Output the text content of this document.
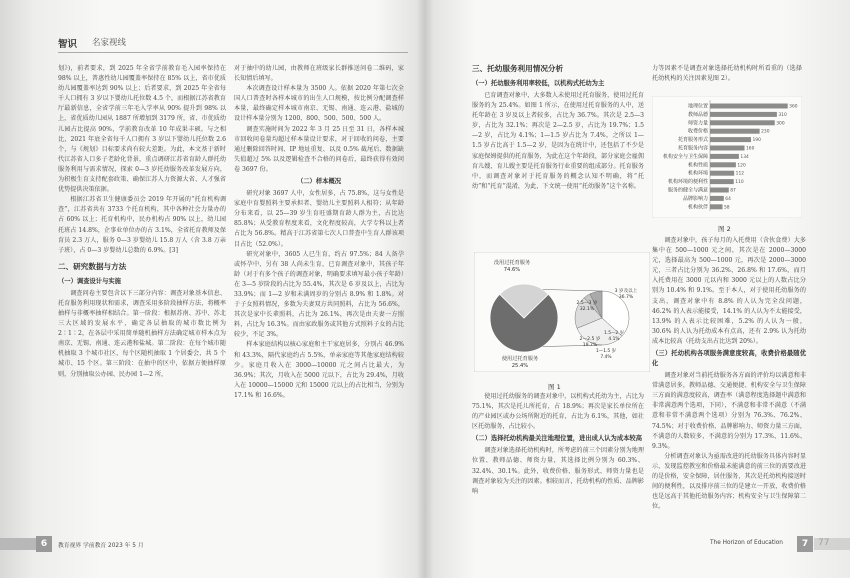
智识 名家视线

划》)，前者要求，到 2025 年全省学前教育毛入园率保持在 98% 以上，普惠性幼儿园覆盖率保持在 85% 以上，省市优质幼儿园覆盖率达到 90% 以上；后者要求，到 2025 年全省每千人口拥有 3 岁以下婴幼儿托位数 4.5 个，而根据江苏省教育厅最新信息，全省学前三年毛入学率从 90% 提升到 98% 以上，省优质幼儿园从 1887 所增加到 3179 所，省、市优质幼儿园占比提高 90%，学前教育改革 10 年成果丰硕。与之相比，2021 年底全省每千人口拥有 3 岁以下婴幼儿托位数 2.6 个，与《规划》目标要求尚有较大差距。为此，本文基于新时代江苏省人口多子老龄化背景，重点调研江苏省育龄人群托幼服务利用与需求情况，探索 0—3 岁托幼服务改革发展方向，为积极生育支持配套政策、确保江苏人力资源大省、人才强省优势提供决策依据。

根据江苏省卫生健康委员会 2019 年开展的“托育机构调查”，江苏省共有 3733 个托育机构，其中各种社会力量办的占 60% 以上；托育机构中，民办机构占 90% 以上，幼儿园托班占 14.8%，企事业单位办的占 3.1%，全省托育教师及保育员 2.3 万人，服务 0—3 岁婴幼儿 15.8 万人（含 3.8 万亲子班），占 0—3 岁婴幼儿总数的 6.9%。[3]

二、研究数据与方法
（一）调查设计与实施

调查问卷主要包含以下三部分内容：调查对象基本信息、托育服务利用现状和需求，调查采用多阶段抽样方法，将概率抽样与非概率抽样相结合。第一阶段：根据苏南、苏中、苏北三大区域的发展水平，确定各层抽取的城市数比例为 2∶1∶2，在各层中采用简单随机抽样方法确定城市样本点为南京、无锡、南通、连云港和盐城。第二阶段：在每个城市随机抽取 3 个城市社区，每个区随机抽取 1 个居委会，共 5 个城市、15 个区。第三阶段：在抽中的区中，依据方便抽样原则，分别抽取公办园、民办园 1—2 所，

对于抽中的幼儿园，由教师在班级家长群推送问卷二维码，家长知情后填写。

本次调查设计样本量为 3500 人。依据 2020 年第七次全国人口普查时各样本城市的出生人口规模，按比例分配调查样本量，最终确定样本城市南京、无锡、南通、连云港、盐城的设计样本量分别为 1200、800、500、500、500 人。

调查实施时间为 2022 年 3 月 25 日至 31 日，各样本城市回收问卷量均超过样本量设计要求，对于回收的问卷，主要通过删除回答时间、IP 地址重复、以及 0.5% 截尾后、数据缺失值超过 5% 以及逻辑检查不合格的问卷后，最终获得有效问卷 3697 份。

（二）样本概况

研究对象 3697 人中，女性居多，占 75.8%，这与女性是家庭中育婴照料主要承担者、婴幼儿主要照料人相符；从年龄分布来看，以 25—39 岁生育旺盛期育龄人群为主，占比达 85.8%；从受教育程度来看，文化程度较高，大学专科以上者占比为 56.8%。精高于江苏省第七次人口普查中生育人群该项目占比（52.0%）。

研究对象中，3605 人已生育，约占 97.5%；84 人备孕或怀孕中，另有 38 人尚未生育，已育调查对象中，其孩子年龄（对于有多个孩子的调查对象，明确要求填写最小孩子年龄）在 3—5 岁阶段的占比为 55.4%，其次是 6 岁及以上，占比为 33.9%；而 1—2 岁和未满周岁的分别占 8.9% 和 1.8%。对于子女照料情况，多数为夫妻双方共同照料，占比为 56.6%，其次是家中长辈照料，占比为 26.1%，再次是由夫妻一方照料，占比为 16.3%。而由家政服务或其他方式照料子女的占比较少，不足 3%。

样本家庭结构以核心家庭和主干家庭居多，分别占 46.9% 和 43.3%，隔代家庭约占 5.5%，单亲家庭等其他家庭结构较少。家庭月收入在 3000—10000 元之间占比最大，为 36.9%；其次，月收入在 5000 元以下，占比为 29.4%，月收入在 10000—15000 元和 15000 元以上的占比相当，分别为 17.1% 和 16.6%。

6	教育视界 学前教育 2023 年 5 月
三、托幼服务利用情况分析
（一）托幼服务利用率较低，以机构式托幼为主

已育调查对象中，大多数人未使用过托育服务，使用过托育服务的为 25.4%。如图 1 所示，在使用过托育服务的人中，送托年龄在 3 岁及以上者较多，占比为 36.7%。其次是 2.5—3 岁，占比为 32.1%；再次是 2—2.5 岁，占比为 19.7%；1.5—2 岁，占比为 4.1%；1—1.5 岁占比为 7.4%，之所以 1—1.5 岁占比高于 1.5—2 岁，是因为在统计中，还包括了不少是家庭保姆提供的托育服务，为此在这个年龄段，部分家庭会雇佣育儿嫂、育儿嫂主要是托育服务行业重要的组成部分。托育服务中，而调查对象对于托育服务的概念认知不明确，将“托幼”和“托育”混淆，为此，下文统一使用“托幼服务”这个名称。

使用过托幼服务的调查对象中，以机构式托幼为主，占比为 75.1%，其次是托儿所托育，占 18.9%；再次是家长单位所在的产业园区或办公场所附近的托育，占比为 6.1%，其他，如社区托幼服务，占比较小。

（二）选择托幼机构最关注地理位置，进出成人认为成本较高

调查对象选择托幼机构时，所考虑的前三个因素分别为地理位置、教师品德、师资力量，其选择比例分别为 60.3%、32.4%、30.1%。此外，收费价格、服务形式、师资力量也是调查对象较为关注的因素。相较而言，托幼机构的性质、品牌影响

没用过托育服务
74.6%
使用过托育服务
25.4%
3 岁及以上
36.7%
2.5—3 岁
32.1%
2—2.5 岁
19.7%
1.5—2 岁
4.1%
1—1.5 岁
7.4%
图 1

力等因素不是调查对象选择托幼机构时所看重的（选择托幼机构的关注因素见图 2）。

地理位置	360
教师品德	310
师资力量	300
收费价格	230
托育服务形式	190
托育服务内容	160
机构安全与卫生保障	134
机构性质	120
机构环境	112
机构环境的便利性	110
服务的健全与满意	87
品牌影响力	64
机构伙伴	58
图 2

调查对象中，孩子每月的入托费用（含伙食费）大多集中在 500—1000 元之间，其次是在 2000—3000 元，选择最高为 500—1000 元，再次是 2000—3000 元，三者占比分别为 36.2%、26.8% 和 17.6%，而月入托费用在 3000 元以内和 3000 元以上的人数占比分别为 10.4% 和 9.1%。至于本人，对于使用托幼服务的支出，调查对象中有 8.8% 的人认为完全没问题，46.2% 的人表示能接受，14.1% 的人认为不太能接受，13.9% 的人表示比较困难，5.2% 的人认为一般，30.6% 的人认为托幼成本有点高，还有 2.9% 认为托幼成本比较高（托幼支出占比达到 20%）。

（三）托幼机构各项服务满意度较高，收费价格最随优化

调查对象对当前托幼服务各方面的评价均以满意和非常满意居多，教师品德、交通便捷、机构安全与卫生保障三方面的满意度较高，调查率（满意程度选择题中满意和非常满意两个选项，下同），不满意和非常不满意（不满意和非常不满意两个选项）分别为 76.3%、76.2%、74.5%；对于收费价格、品牌影响力、师资力量三方面，不满意的人数较多，不满意的分别为 17.3%、11.6%、9.3%。

分析调查对象认为亟需改进的托幼服务具体内容时显示，发现监控教室和价格最未能满意的前三位的需要改进的是价格，安全保障，居住服务，其次是托幼机构接送时间的便利性，以及排序前三位的是建立一开放，收费价格也是远高于其他托幼服务内容；机构安全与卫生保障第二位。

The Horizon of Education	7
